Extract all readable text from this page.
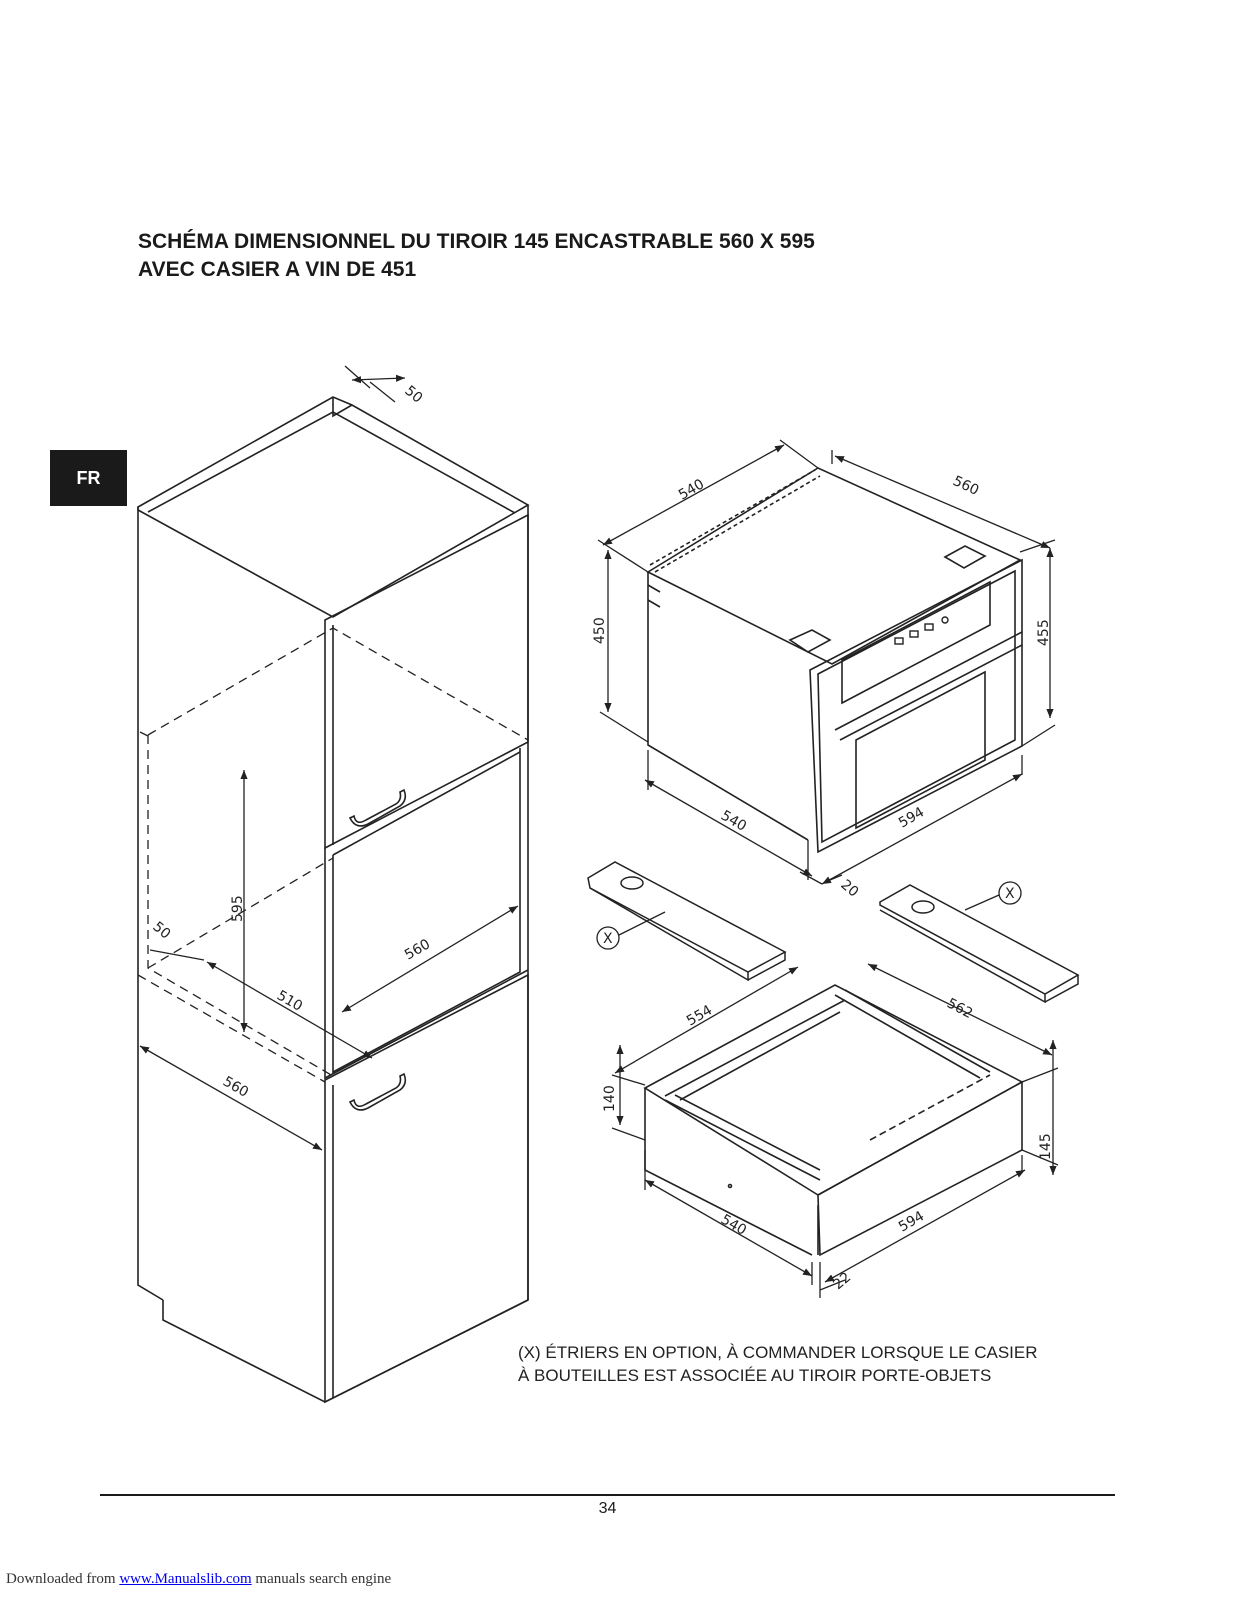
SCHÉMA DIMENSIONNEL DU TIROIR 145 ENCASTRABLE 560 X 595
AVEC CASIER A VIN DE 451
FR
50
50
595
560
510
560
540	560
450	455
540	594
20
554	562
140
145
540	594
22
X
X
(X) ÉTRIERS EN OPTION, À COMMANDER LORSQUE LE CASIER
À BOUTEILLES EST ASSOCIÉE AU TIROIR PORTE-OBJETS
34
Downloaded from www.Manualslib.com manuals search engine
